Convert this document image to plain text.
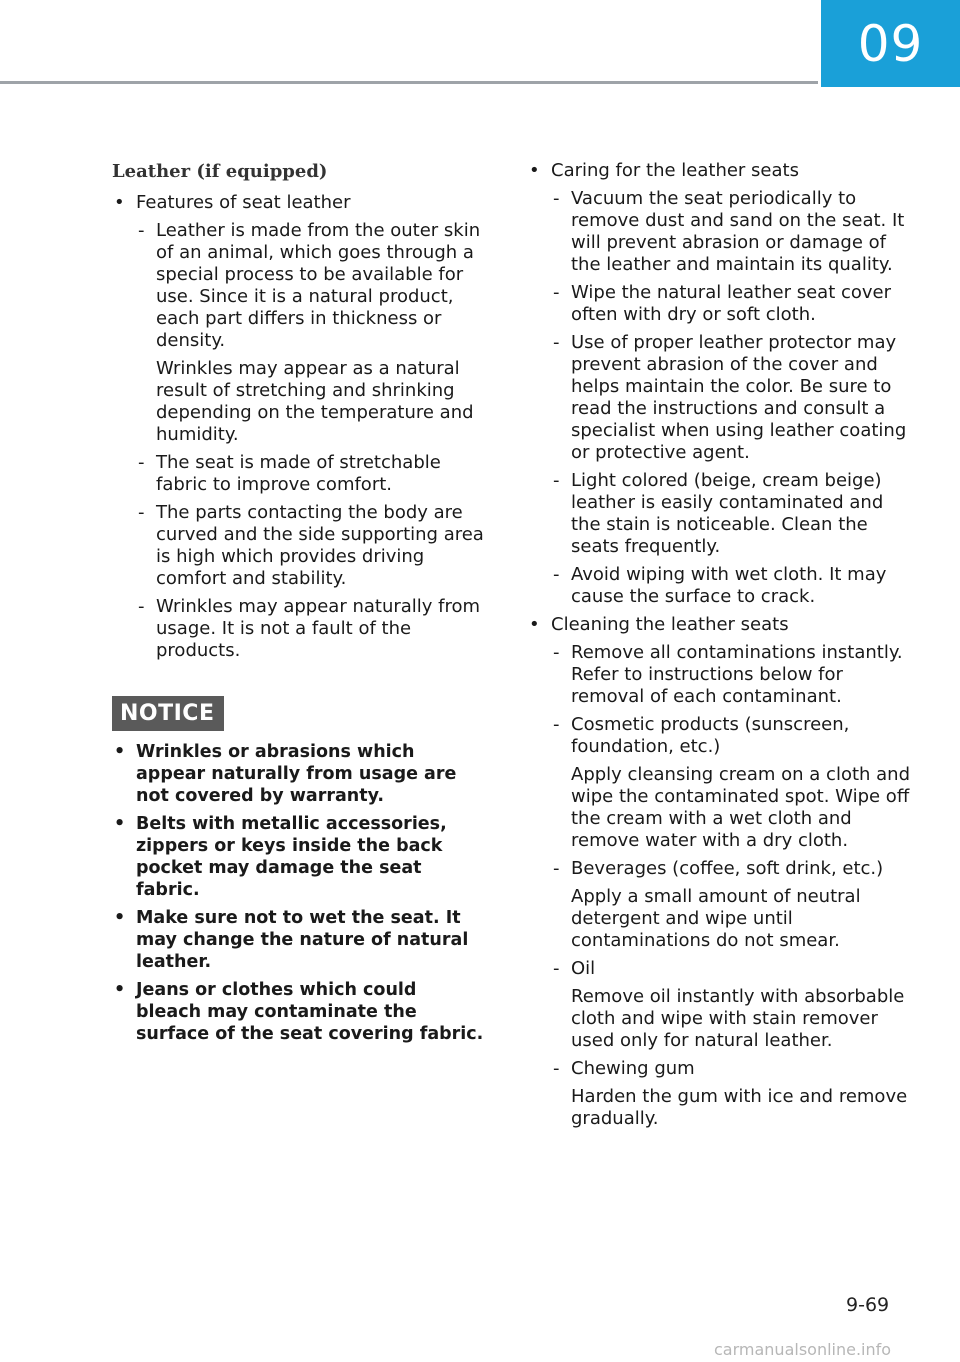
09
Leather (if equipped)
• Features of seat leather
- Leather is made from the outer skin of an animal, which goes through a special process to be available for use. Since it is a natural product, each part differs in thickness or density.
Wrinkles may appear as a natural result of stretching and shrinking depending on the temperature and humidity.
- The seat is made of stretchable fabric to improve comfort.
- The parts contacting the body are curved and the side supporting area is high which provides driving comfort and stability.
- Wrinkles may appear naturally from usage. It is not a fault of the products.
NOTICE
• Wrinkles or abrasions which appear naturally from usage are not covered by warranty.
• Belts with metallic accessories, zippers or keys inside the back pocket may damage the seat fabric.
• Make sure not to wet the seat. It may change the nature of natural leather.
• Jeans or clothes which could bleach may contaminate the surface of the seat covering fabric.
• Caring for the leather seats
- Vacuum the seat periodically to remove dust and sand on the seat. It will prevent abrasion or damage of the leather and maintain its quality.
- Wipe the natural leather seat cover often with dry or soft cloth.
- Use of proper leather protector may prevent abrasion of the cover and helps maintain the color. Be sure to read the instructions and consult a specialist when using leather coating or protective agent.
- Light colored (beige, cream beige) leather is easily contaminated and the stain is noticeable. Clean the seats frequently.
- Avoid wiping with wet cloth. It may cause the surface to crack.
• Cleaning the leather seats
- Remove all contaminations instantly. Refer to instructions below for removal of each contaminant.
- Cosmetic products (sunscreen, foundation, etc.)
Apply cleansing cream on a cloth and wipe the contaminated spot. Wipe off the cream with a wet cloth and remove water with a dry cloth.
- Beverages (coffee, soft drink, etc.)
Apply a small amount of neutral detergent and wipe until contaminations do not smear.
- Oil
Remove oil instantly with absorbable cloth and wipe with stain remover used only for natural leather.
- Chewing gum
Harden the gum with ice and remove gradually.
9-69
carmanualsonline.info
